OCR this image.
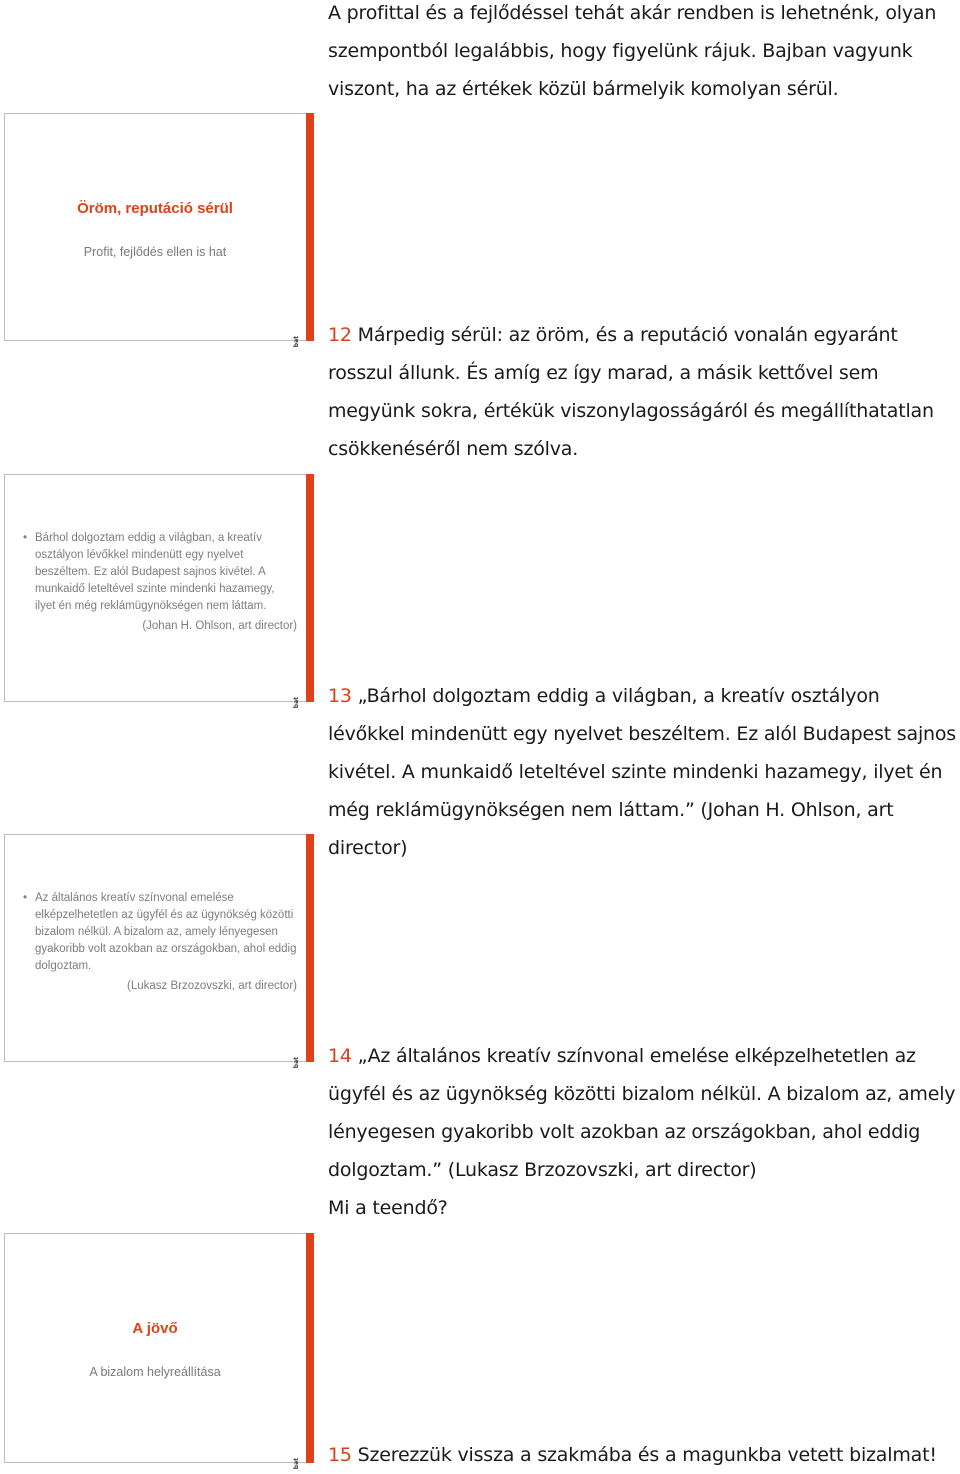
A profittal és a fejlődéssel tehát akár rendben is lehetnénk, olyan szempontból legalábbis, hogy figyelünk rájuk. Bajban vagyunk viszont, ha az értékek közül bármelyik komolyan sérül.
Öröm, reputáció sérül
Profit, fejlődés ellen is hat
bat 12 Márpedig sérül: az öröm, és a reputáció vonalán egyaránt rosszul állunk. És amíg ez így marad, a másik kettővel sem megyünk sokra, értékük viszonylagosságáról és megállíthatatlan csökkenéséről nem szólva.
• Bárhol dolgoztam eddig a világban, a kreatív osztályon lévőkkel mindenütt egy nyelvet beszéltem. Ez alól Budapest sajnos kivétel. A munkaidő leteltével szinte mindenki hazamegy, ilyet én még reklámügynökségen nem láttam.
(Johan H. Ohlson, art director)
bat 13 „Bárhol dolgoztam eddig a világban, a kreatív osztályon lévőkkel mindenütt egy nyelvet beszéltem. Ez alól Budapest sajnos kivétel. A munkaidő leteltével szinte mindenki hazamegy, ilyet én még reklámügynökségen nem láttam.” (Johan H. Ohlson, art director)
• Az általános kreatív színvonal emelése elképzelhetetlen az ügyfél és az ügynökség közötti bizalom nélkül. A bizalom az, amely lényegesen gyakoribb volt azokban az országokban, ahol eddig dolgoztam.
(Lukasz Brzozovszki, art director)
bat 14 „Az általános kreatív színvonal emelése elképzelhetetlen az ügyfél és az ügynökség közötti bizalom nélkül. A bizalom az, amely lényegesen gyakoribb volt azokban az országokban, ahol eddig dolgoztam.” (Lukasz Brzozovszki, art director)
Mi a teendő?
A jövő
A bizalom helyreállítása
bat 15 Szerezzük vissza a szakmába és a magunkba vetett bizalmat!
